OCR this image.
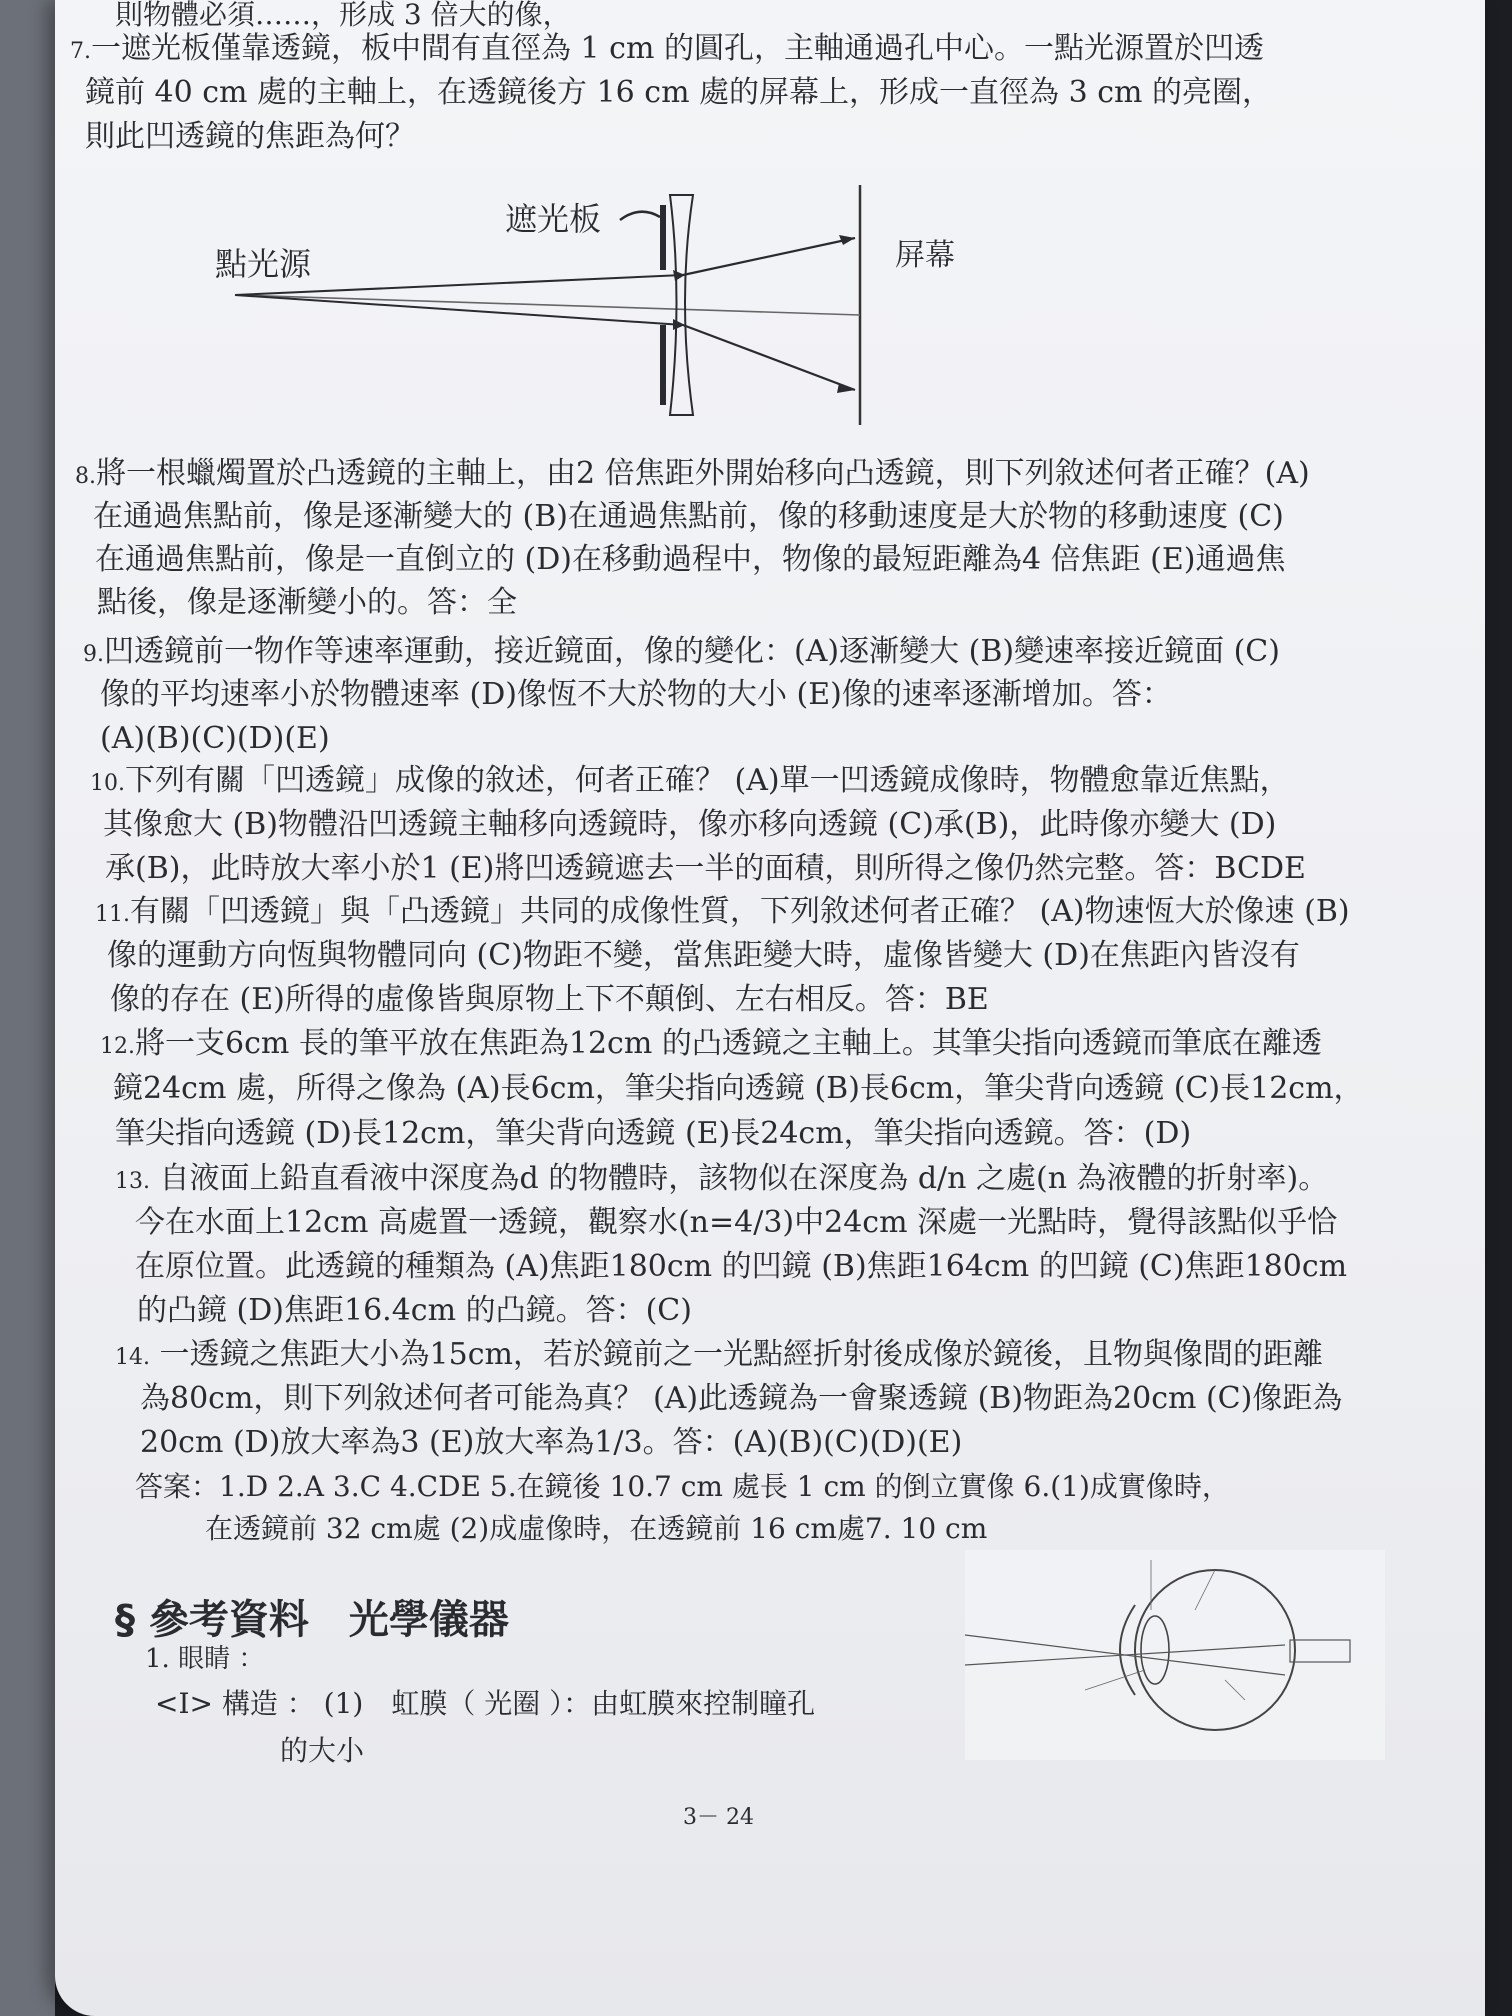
則物體必須……，形成 3 倍大的像，
7.一遮光板僅靠透鏡，板中間有直徑為 1 cm 的圓孔，主軸通過孔中心。一點光源置於凹透
鏡前 40 cm 處的主軸上，在透鏡後方 16 cm 處的屏幕上，形成一直徑為 3 cm 的亮圈，
則此凹透鏡的焦距為何？
點光源
遮光板
屏幕
8.將一根蠟燭置於凸透鏡的主軸上，由2 倍焦距外開始移向凸透鏡，則下列敘述何者正確？(A)
在通過焦點前，像是逐漸變大的 (B)在通過焦點前，像的移動速度是大於物的移動速度 (C)
在通過焦點前，像是一直倒立的 (D)在移動過程中，物像的最短距離為4 倍焦距 (E)通過焦
點後，像是逐漸變小的。答：全
9.凹透鏡前一物作等速率運動，接近鏡面，像的變化：(A)逐漸變大 (B)變速率接近鏡面 (C)
像的平均速率小於物體速率 (D)像恆不大於物的大小 (E)像的速率逐漸增加。答：
(A)(B)(C)(D)(E)
10.下列有關「凹透鏡」成像的敘述，何者正確？ (A)單一凹透鏡成像時，物體愈靠近焦點，
其像愈大 (B)物體沿凹透鏡主軸移向透鏡時，像亦移向透鏡 (C)承(B)，此時像亦變大 (D)
承(B)，此時放大率小於1 (E)將凹透鏡遮去一半的面積，則所得之像仍然完整。答：BCDE
11.有關「凹透鏡」與「凸透鏡」共同的成像性質，下列敘述何者正確？ (A)物速恆大於像速 (B)
像的運動方向恆與物體同向 (C)物距不變，當焦距變大時，虛像皆變大 (D)在焦距內皆沒有
像的存在 (E)所得的虛像皆與原物上下不顛倒、左右相反。答：BE
12.將一支6cm 長的筆平放在焦距為12cm 的凸透鏡之主軸上。其筆尖指向透鏡而筆底在離透
鏡24cm 處，所得之像為 (A)長6cm，筆尖指向透鏡 (B)長6cm，筆尖背向透鏡 (C)長12cm，
筆尖指向透鏡 (D)長12cm，筆尖背向透鏡 (E)長24cm，筆尖指向透鏡。答：(D)
13. 自液面上鉛直看液中深度為d 的物體時，該物似在深度為 d/n 之處(n 為液體的折射率)。
今在水面上12cm 高處置一透鏡，觀察水(n=4/3)中24cm 深處一光點時，覺得該點似乎恰
在原位置。此透鏡的種類為 (A)焦距180cm 的凹鏡 (B)焦距164cm 的凹鏡 (C)焦距180cm
的凸鏡 (D)焦距16.4cm 的凸鏡。答：(C)
14. 一透鏡之焦距大小為15cm，若於鏡前之一光點經折射後成像於鏡後，且物與像間的距離
為80cm，則下列敘述何者可能為真？ (A)此透鏡為一會聚透鏡 (B)物距為20cm (C)像距為
20cm (D)放大率為3 (E)放大率為1/3。答：(A)(B)(C)(D)(E)
答案：1.D 2.A 3.C 4.CDE 5.在鏡後 10.7 cm 處長 1 cm 的倒立實像 6.(1)成實像時，
在透鏡前 32 cm處 (2)成虛像時，在透鏡前 16 cm處7. 10 cm
§ 參考資料　光學儀器
1. 眼睛 ：
<I> 構造 ： (1)　虹膜（ 光圈 ）：由虹膜來控制瞳孔
的大小
3－ 24
